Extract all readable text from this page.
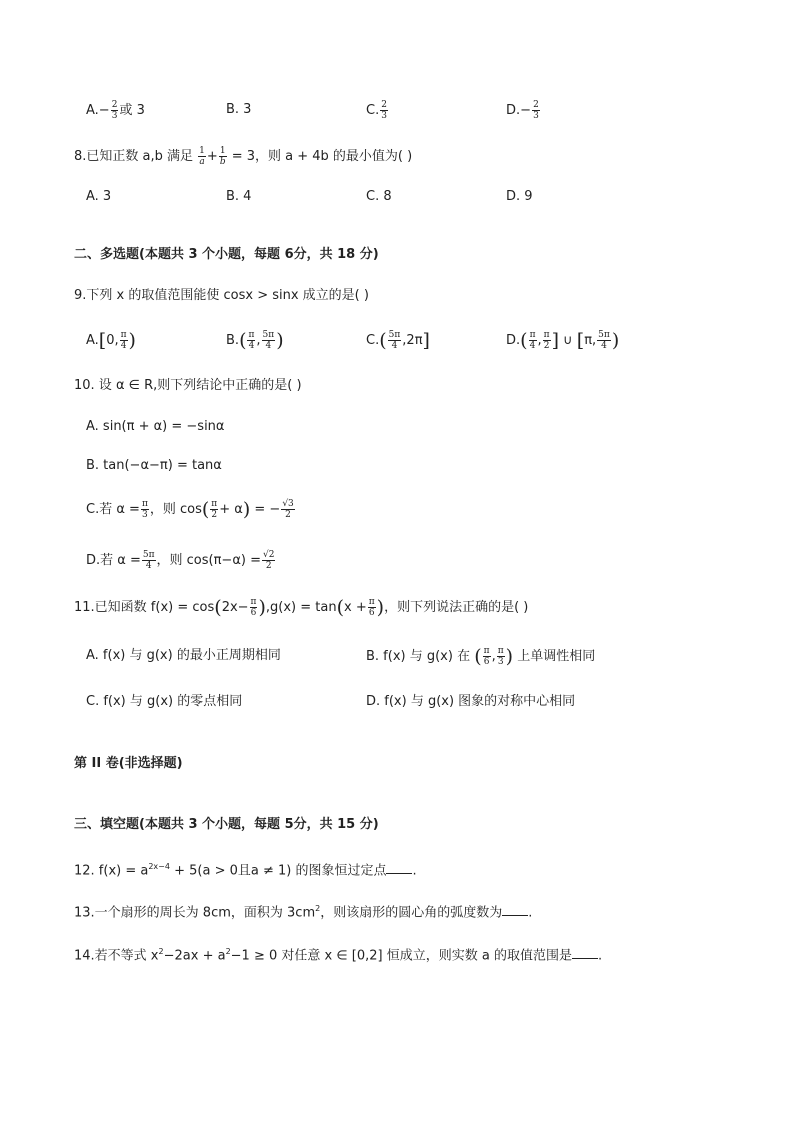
$A.- \frac{2}{3}$ 或 3	B. 3	C. $\frac{2}{3}$	$D.- \frac{2}{3}$
8.已知正数 a,b 满足 $\frac{1}{a} + \frac{1}{b} = 3$，则 a + 4b 的最小值为( )
A. 3	B. 4	C. 8	D. 9
二、多选题(本题共 3 个小题，每题 6分，共 18 分)
9.下列 x 的取值范围能使 cosx > sinx 成立的是( )
A.[0, $\frac{\pi}{4}$ )	$B.( \frac{\pi}{4}$ , $\frac{5\pi}{4}$ )	$C.( \frac{5\pi}{4} ,2\pi]$	$D.( \frac{\pi}{4}$ , $\frac{\pi}{2}$ ] ∪ [π, $\frac{5\pi}{4}$ )
10. 设 α ∈ R,则下列结论中正确的是( )
A. sin(π + α) = −sinα
B. tan(−α−π) = tanα
C.若 $\alpha = \frac{\pi}{3}$ ，则 $\cos( \frac{\pi}{2} + \alpha)$ = − $\frac{√3}{2}$
D.若 $\alpha = \frac{5\pi}{4}$ ，则 $\cos(\pi-\alpha) = \frac{√2}{2}$
11.已知函数 $f(x) = \cos(2x- \frac{\pi}{6} ),g(x) = \tan(x + \frac{\pi}{6}$ )，则下列说法正确的是( )
A. f(x) 与 g(x) 的最小正周期相同	B. f(x) 与 g(x) 在 ( $\frac{\pi}{6}$ , $\frac{\pi}{3}$ ) 上单调性相同
C. f(x) 与 g(x) 的零点相同	D. f(x) 与 g(x) 图象的对称中心相同
第 II 卷(非选择题)
三、填空题(本题共 3 个小题，每题 5分，共 15 分)
12. $f(x) = a^{2x-4} + 5(a > 0$且a ≠ 1) 的图象恒过定点 .
13.一个扇形的周长为 8cm，面积为 $3cm^2$，则该扇形的圆心角的弧度数为 .
14.若不等式 $x^2-2ax + a^2-1 \ge 0$ 对任意 x ∈ [0,2] 恒成立，则实数 a 的取值范围是 .
